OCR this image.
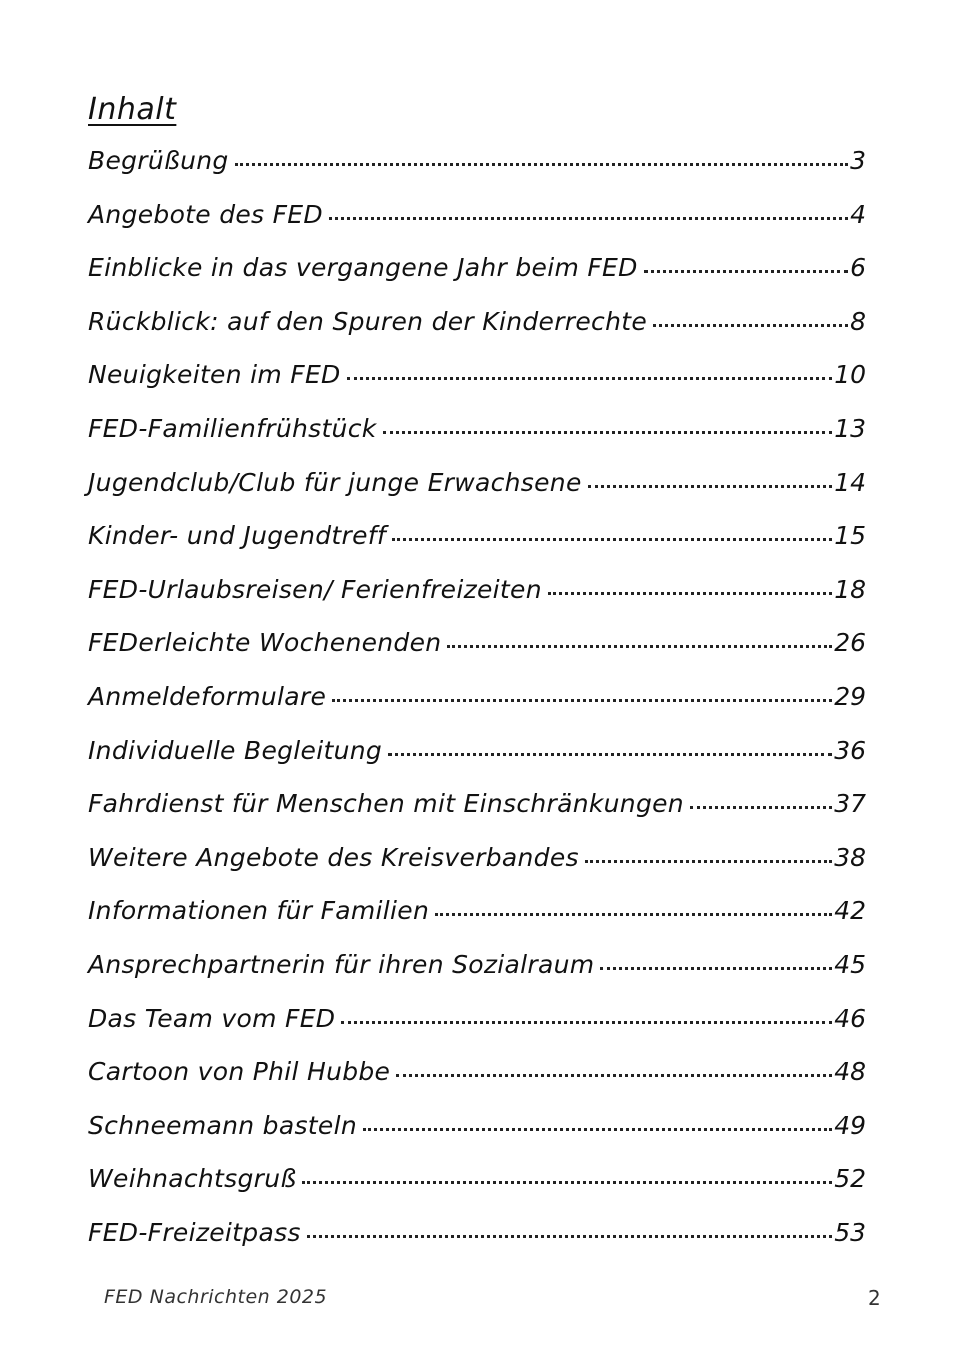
Inhalt
Begrüßung	3
Angebote des FED	4
Einblicke in das vergangene Jahr beim FED	6
Rückblick: auf den Spuren der Kinderrechte	8
Neuigkeiten im FED	10
FED-Familienfrühstück	13
Jugendclub/Club für junge Erwachsene	14
Kinder- und Jugendtreff	15
FED-Urlaubsreisen/ Ferienfreizeiten	18
FEDerleichte Wochenenden	26
Anmeldeformulare	29
Individuelle Begleitung	36
Fahrdienst für Menschen mit Einschränkungen	37
Weitere Angebote des Kreisverbandes	38
Informationen für Familien	42
Ansprechpartnerin für ihren Sozialraum	45
Das Team vom FED	46
Cartoon von Phil Hubbe	48
Schneemann basteln	49
Weihnachtsgruß	52
FED-Freizeitpass	53
FED Nachrichten 2025	2
